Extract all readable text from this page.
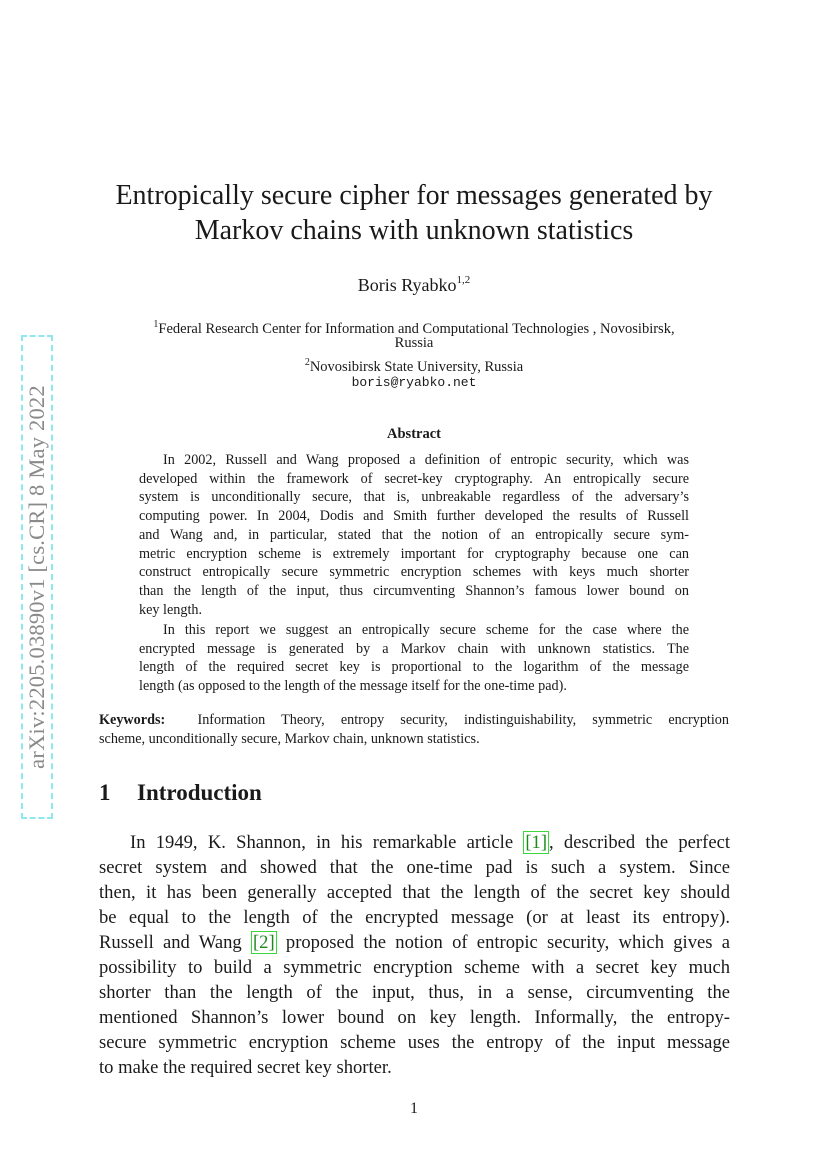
arXiv:2205.03890v1 [cs.CR] 8 May 2022
Entropically secure cipher for messages generated by
Markov chains with unknown statistics
Boris Ryabko$^{1,2}$
$^1$Federal Research Center for Information and Computational Technologies , Novosibirsk,
Russia
$^2$Novosibirsk State University, Russia
boris@ryabko.net
Abstract
In 2002, Russell and Wang proposed a definition of entropic security, which was
developed within the framework of secret-key cryptography. An entropically secure
system is unconditionally secure, that is, unbreakable regardless of the adversary’s
computing power. In 2004, Dodis and Smith further developed the results of Russell
and Wang and, in particular, stated that the notion of an entropically secure sym-
metric encryption scheme is extremely important for cryptography because one can
construct entropically secure symmetric encryption schemes with keys much shorter
than the length of the input, thus circumventing Shannon’s famous lower bound on
key length.
In this report we suggest an entropically secure scheme for the case where the
encrypted message is generated by a Markov chain with unknown statistics. The
length of the required secret key is proportional to the logarithm of the message
length (as opposed to the length of the message itself for the one-time pad).
Keywords: Information Theory, entropy security, indistinguishability, symmetric encryption
scheme, unconditionally secure, Markov chain, unknown statistics.
1 Introduction
In 1949, K. Shannon, in his remarkable article [1] , described the perfect
secret system and showed that the one-time pad is such a system. Since
then, it has been generally accepted that the length of the secret key should
be equal to the length of the encrypted message (or at least its entropy).
Russell and Wang [2] proposed the notion of entropic security, which gives a
possibility to build a symmetric encryption scheme with a secret key much
shorter than the length of the input, thus, in a sense, circumventing the
mentioned Shannon’s lower bound on key length. Informally, the entropy-
secure symmetric encryption scheme uses the entropy of the input message
to make the required secret key shorter.
1
